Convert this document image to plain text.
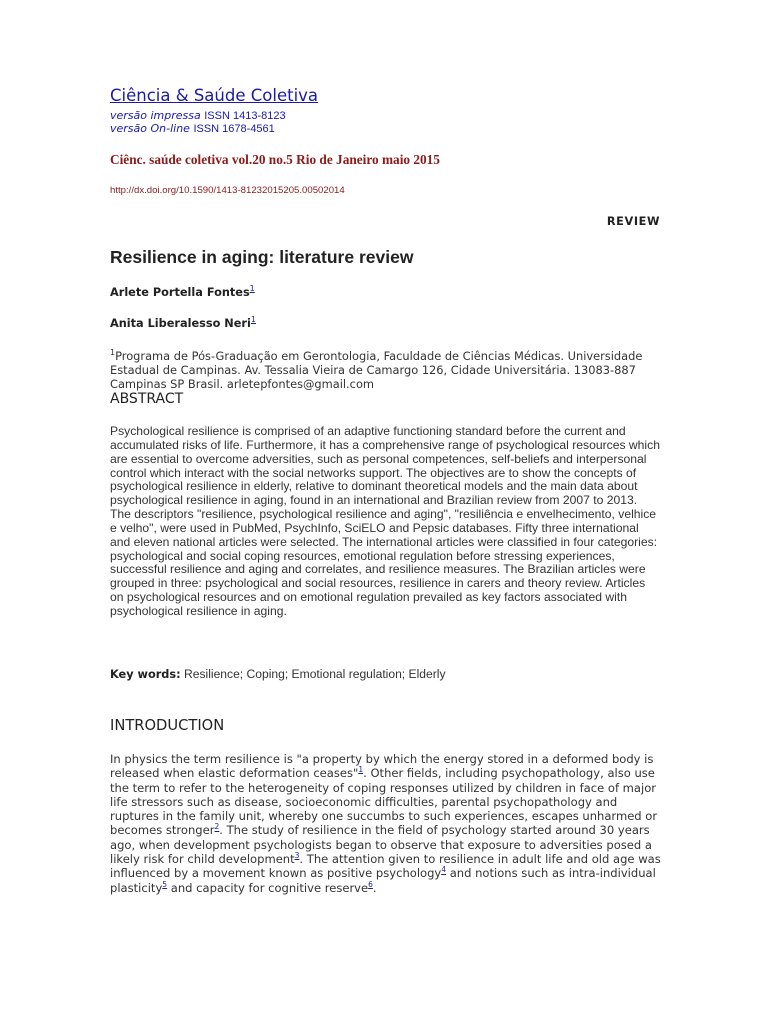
Ciência & Saúde Coletiva
versão impressa ISSN 1413-8123
versão On-line ISSN 1678-4561
Ciênc. saúde coletiva vol.20 no.5 Rio de Janeiro maio 2015
http://dx.doi.org/10.1590/1413-81232015205.00502014
REVIEW
Resilience in aging: literature review
Arlete Portella Fontes$^1$
Anita Liberalesso Neri$^1$
$^1$Programa de Pós-Graduação em Gerontologia, Faculdade de Ciências Médicas. Universidade Estadual de Campinas. Av. Tessalia Vieira de Camargo 126, Cidade Universitária. 13083-887 Campinas SP Brasil. arletepfontes@gmail.com
ABSTRACT

Psychological resilience is comprised of an adaptive functioning standard before the current and accumulated risks of life. Furthermore, it has a comprehensive range of psychological resources which are essential to overcome adversities, such as personal competences, self-beliefs and interpersonal control which interact with the social networks support. The objectives are to show the concepts of psychological resilience in elderly, relative to dominant theoretical models and the main data about psychological resilience in aging, found in an international and Brazilian review from 2007 to 2013. The descriptors "resilience, psychological resilience and aging", "resiliência e envelhecimento, velhice e velho", were used in PubMed, PsychInfo, SciELO and Pepsic databases. Fifty three international and eleven national articles were selected. The international articles were classified in four categories: psychological and social coping resources, emotional regulation before stressing experiences, successful resilience and aging and correlates, and resilience measures. The Brazilian articles were grouped in three: psychological and social resources, resilience in carers and theory review. Articles on psychological resources and on emotional regulation prevailed as key factors associated with psychological resilience in aging.

Key words: Resilience; Coping; Emotional regulation; Elderly
INTRODUCTION

In physics the term resilience is "a property by which the energy stored in a deformed body is released when elastic deformation ceases"$^1$. Other fields, including psychopathology, also use the term to refer to the heterogeneity of coping responses utilized by children in face of major life stressors such as disease, socioeconomic difficulties, parental psychopathology and ruptures in the family unit, whereby one succumbs to such experiences, escapes unharmed or becomes stronger$^2$. The study of resilience in the field of psychology started around 30 years ago, when development psychologists began to observe that exposure to adversities posed a likely risk for child development$^3$. The attention given to resilience in adult life and old age was influenced by a movement known as positive psychology$^4$ and notions such as intra-individual plasticity$^5$ and capacity for cognitive reserve$^6$.
